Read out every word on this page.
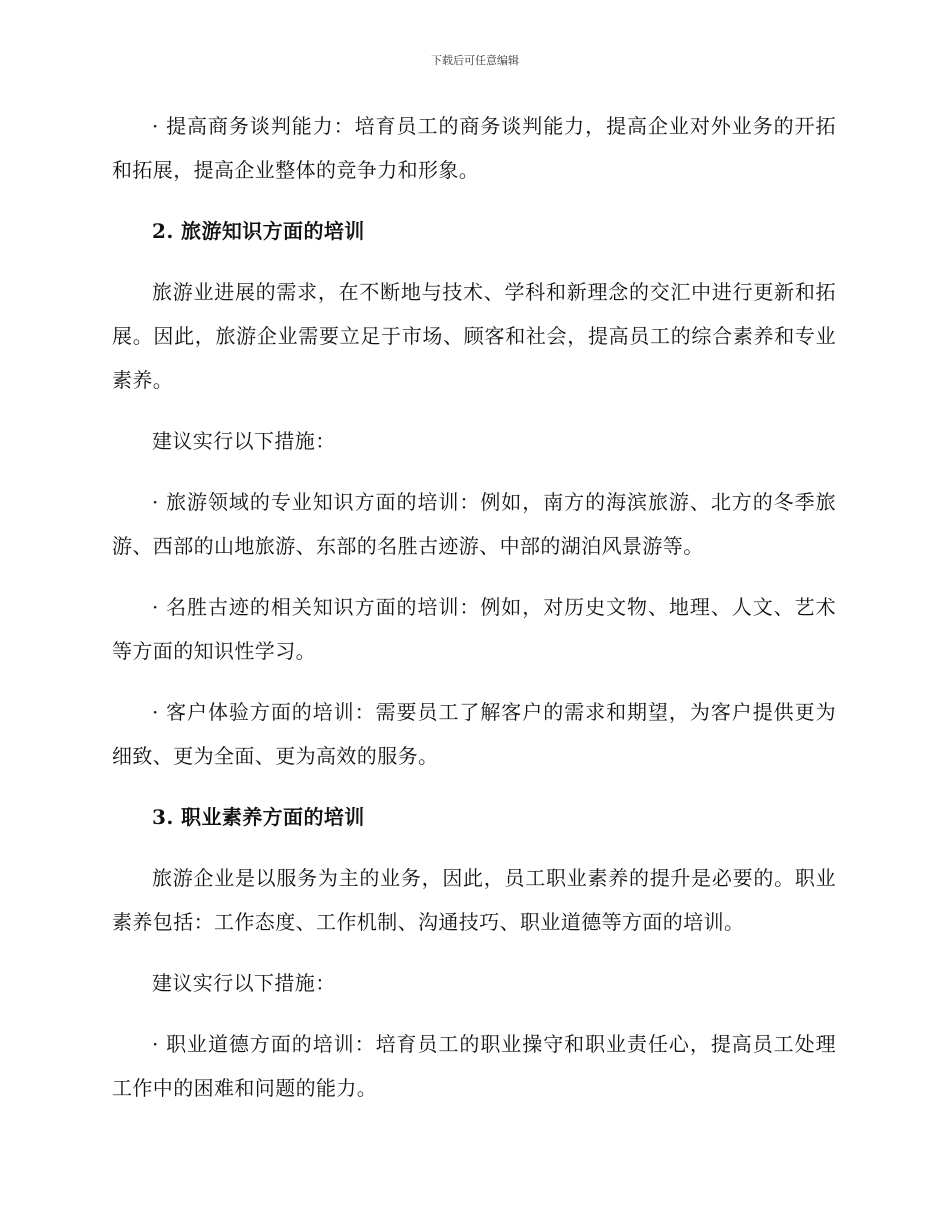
下载后可任意编辑

· 提高商务谈判能力：培育员工的商务谈判能力，提高企业对外业务的开拓和拓展，提高企业整体的竞争力和形象。

2. 旅游知识方面的培训

旅游业进展的需求，在不断地与技术、学科和新理念的交汇中进行更新和拓展。因此，旅游企业需要立足于市场、顾客和社会，提高员工的综合素养和专业素养。

建议实行以下措施：

· 旅游领域的专业知识方面的培训：例如，南方的海滨旅游、北方的冬季旅游、西部的山地旅游、东部的名胜古迹游、中部的湖泊风景游等。

· 名胜古迹的相关知识方面的培训：例如，对历史文物、地理、人文、艺术等方面的知识性学习。

· 客户体验方面的培训：需要员工了解客户的需求和期望，为客户提供更为细致、更为全面、更为高效的服务。

3. 职业素养方面的培训

旅游企业是以服务为主的业务，因此，员工职业素养的提升是必要的。职业素养包括：工作态度、工作机制、沟通技巧、职业道德等方面的培训。

建议实行以下措施：

· 职业道德方面的培训：培育员工的职业操守和职业责任心，提高员工处理工作中的困难和问题的能力。
